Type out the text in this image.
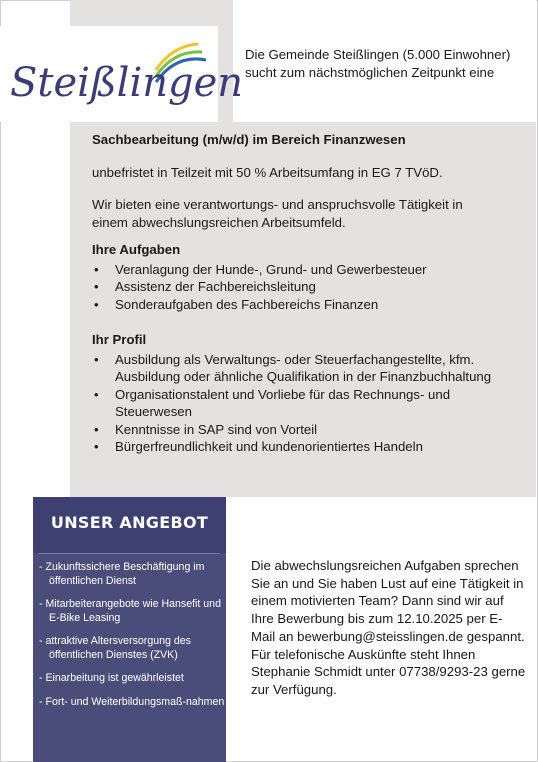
Steißlingen
Die Gemeinde Steißlingen (5.000 Einwohner) sucht zum nächstmöglichen Zeitpunkt eine

Sachbearbeitung (m/w/d) im Bereich Finanzwesen

unbefristet in Teilzeit mit 50 % Arbeitsumfang in EG 7 TVöD.

Wir bieten eine verantwortungs- und anspruchsvolle Tätigkeit in einem abwechslungsreichen Arbeitsumfeld.

Ihre Aufgaben
• Veranlagung der Hunde-, Grund- und Gewerbesteuer
• Assistenz der Fachbereichsleitung
• Sonderaufgaben des Fachbereichs Finanzen
Ihr Profil
• Ausbildung als Verwaltungs- oder Steuerfachangestellte, kfm. Ausbildung oder ähnliche Qualifikation in der Finanzbuchhaltung
• Organisationstalent und Vorliebe für das Rechnungs- und Steuerwesen
• Kenntnisse in SAP sind von Vorteil
• Bürgerfreundlichkeit und kundenorientiertes Handeln
UNSER ANGEBOT
- Zukunftssichere Beschäftigung im öffentlichen Dienst
- Mitarbeiterangebote wie Hansefit und E-Bike Leasing
- attraktive Altersversorgung des öffentlichen Dienstes (ZVK)
- Einarbeitung ist gewährleistet
- Fort- und Weiterbildungsmaß-nahmen
Die abwechslungsreichen Aufgaben sprechen Sie an und Sie haben Lust auf eine Tätigkeit in einem motivierten Team? Dann sind wir auf Ihre Bewerbung bis zum 12.10.2025 per E-Mail an bewerbung@steisslingen.de gespannt. Für telefonische Auskünfte steht Ihnen Stephanie Schmidt unter 07738/9293-23 gerne zur Verfügung.
